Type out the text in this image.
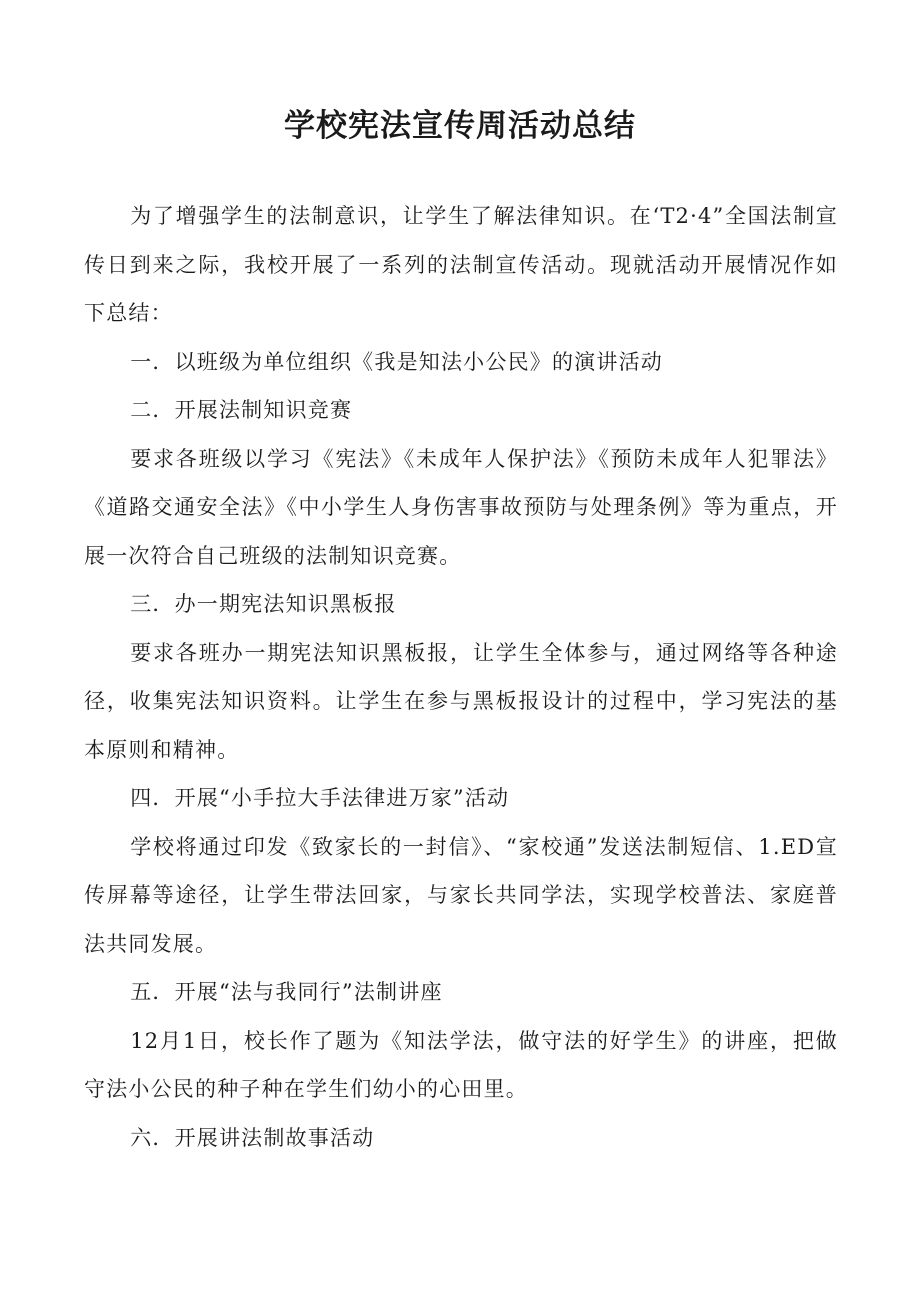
学校宪法宣传周活动总结

为了增强学生的法制意识，让学生了解法律知识。在‘T2·4”全国法制宣传日到来之际，我校开展了一系列的法制宣传活动。现就活动开展情况作如下总结：

一．以班级为单位组织《我是知法小公民》的演讲活动

二．开展法制知识竞赛

要求各班级以学习《宪法》《未成年人保护法》《预防未成年人犯罪法》《道路交通安全法》《中小学生人身伤害事故预防与处理条例》等为重点，开展一次符合自己班级的法制知识竞赛。

三．办一期宪法知识黑板报

要求各班办一期宪法知识黑板报，让学生全体参与，通过网络等各种途径，收集宪法知识资料。让学生在参与黑板报设计的过程中，学习宪法的基本原则和精神。

四．开展“小手拉大手法律进万家”活动

学校将通过印发《致家长的一封信》、“家校通”发送法制短信、1.ED宣传屏幕等途径，让学生带法回家，与家长共同学法，实现学校普法、家庭普法共同发展。

五．开展“法与我同行”法制讲座

12月1日，校长作了题为《知法学法，做守法的好学生》的讲座，把做守法小公民的种子种在学生们幼小的心田里。

六．开展讲法制故事活动
